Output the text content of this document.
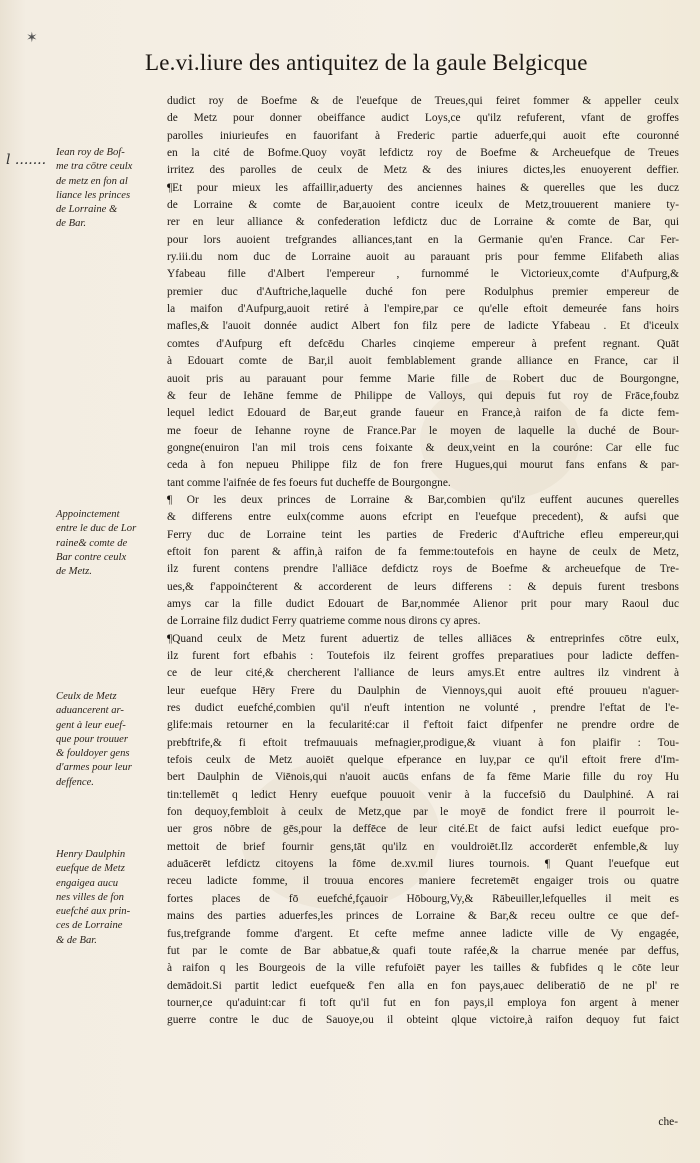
✶
l .......
Le.vi.liure des antiquitez de la gaule Belgicque
Iean roy de Bof-
me tra cōtre ceulx
de metz en fon al
liance les princes
de Lorraine &
de Bar.
Appoinctement
entre le duc de Lor
raine& comte de
Bar contre ceulx
de Metz.
Ceulx de Metz
aduancerent ar-
gent à leur euef-
que pour trouuer
& fouldoyer gens
d'armes pour leur
deffence.
Henry Daulphin
euefque de Metz
engaigea aucu
nes villes de fon
euefché aux prin-
ces de Lorraine
& de Bar.
dudict roy de Boefme & de l'euefque de Treues,qui feiret fommer & appeller ceulx
de Metz pour donner obeiffance audict Loys,ce qu'ilz refuferent, vfant de groffes
parolles iniurieufes en fauorifant à Frederic partie aduerfe,qui auoit efte couronné
en la cité de Bofme.Quoy voyāt lefdictz roy de Boefme & Archeuefque de Treues
irritez des parolles de ceulx de Metz & des iniures dictes,les enuoyerent deffier.
¶Et pour mieux les affaillir,aduerty des anciennes haines & querelles que les ducz
de Lorraine & comte de Bar,auoient contre iceulx de Metz,trouuerent maniere ty-
rer en leur alliance & confederation lefdictz duc de Lorraine & comte de Bar, qui
pour lors auoient trefgrandes alliances,tant en la Germanie qu'en France. Car Fer-
ry.iii.du nom duc de Lorraine auoit au parauant pris pour femme Elifabeth alias
Yfabeau fille d'Albert l'empereur , furnommé le Victorieux,comte d'Aufpurg,&
premier duc d'Auftriche,laquelle duché fon pere Rodulphus premier empereur de
la maifon d'Aufpurg,auoit retiré à l'empire,par ce qu'elle eftoit demeurée fans hoirs
mafles,& l'auoit donnée audict Albert fon filz pere de ladicte Yfabeau . Et d'iceulx
comtes d'Aufpurg eft defcēdu Charles cinqieme empereur à prefent regnant. Quāt
à Edouart comte de Bar,il auoit femblablement grande alliance en France, car il
auoit pris au parauant pour femme Marie fille de Robert duc de Bourgongne,
& feur de Iehāne femme de Philippe de Valloys, qui depuis fut roy de Frāce,foubz
lequel ledict Edouard de Bar,eut grande faueur en France,à raifon de fa dicte fem-
me foeur de Iehanne royne de France.Par le moyen de laquelle la duché de Bour-
gongne(enuiron l'an mil trois cens foixante & deux,veint en la couróne: Car elle fuc
ceda à fon nepueu Philippe filz de fon frere Hugues,qui mourut fans enfans & par-
tant comme l'aifnée de fes foeurs fut ducheffe de Bourgongne.
¶ Or les deux princes de Lorraine & Bar,combien qu'ilz euffent aucunes querelles
& differens entre eulx(comme auons efcript en l'euefque precedent), & aufsi que
Ferry duc de Lorraine teint les parties de Frederic d'Auftriche efleu empereur,qui
eftoit fon parent & affin,à raifon de fa femme:toutefois en hayne de ceulx de Metz,
ilz furent contens prendre l'alliāce defdictz roys de Boefme & archeuefque de Tre-
ues,& f'appoinćterent & accorderent de leurs differens : & depuis furent tresbons
amys car la fille dudict Edouart de Bar,nommée Alienor prit pour mary Raoul duc
de Lorraine filz dudict Ferry quatrieme comme nous dirons cy apres.
¶Quand ceulx de Metz furent aduertiz de telles alliāces & entreprinfes cōtre eulx,
ilz furent fort efbahis : Toutefois ilz feirent groffes preparatiues pour ladicte deffen-
ce de leur cité,& chercherent l'alliance de leurs amys.Et entre aultres ilz vindrent à
leur euefque Hēry Frere du Daulphin de Viennoys,qui auoit efté prouueu n'aguer-
res dudict euefché,combien qu'il n'euft intention ne volunté , prendre l'eftat de l'e-
glife:mais retourner en la fecularité:car il f'eftoit faict difpenfer ne prendre ordre de
prebftrife,& fi eftoit trefmauuais mefnagier,prodigue,& viuant à fon plaifir : Tou-
tefois ceulx de Metz auoiēt quelque efperance en luy,par ce qu'il eftoit frere d'Im-
bert Daulphin de Viēnois,qui n'auoit aucūs enfans de fa fēme Marie fille du roy Hu
tin:tellemēt q ledict Henry euefque pouuoit venir à la fuccefsiō du Daulphiné. A rai
fon dequoy,fembloit à ceulx de Metz,que par le moyē de fondict frere il pourroit le-
uer gros nōbre de gēs,pour la deffēce de leur cité.Et de faict aufsi ledict euefque pro-
mettoit de brief fournir gens,tāt qu'ilz en vouldroiēt.Ilz accorderēt enfemble,& luy
aduācerēt lefdictz citoyens la fōme de.xv.mil liures tournois. ¶ Quant l'euefque eut
receu ladicte fomme, il trouua encores maniere fecretemēt engaiger trois ou quatre
fortes places de fō euefché,fçauoir Hōbourg,Vy,& Rābeuiller,lefquelles il meit es
mains des parties aduerfes,les princes de Lorraine & Bar,& receu oultre ce que def-
fus,trefgrande fomme d'argent. Et cefte mefme annee ladicte ville de Vy engagée,
fut par le comte de Bar abbatue,& quafi toute rafée,& la charrue menée par deffus,
à raifon q les Bourgeois de la ville refufoiēt payer les tailles & fubfides q le cōte leur
demādoit.Si partit ledict euefque& f'en alla en fon pays,auec deliberatiō de ne pl' re
tourner,ce qu'aduint:car fi toft qu'il fut en fon pays,il employa fon argent à mener
guerre contre le duc de Sauoye,ou il obteint qlque victoire,à raifon dequoy fut faict
che-
